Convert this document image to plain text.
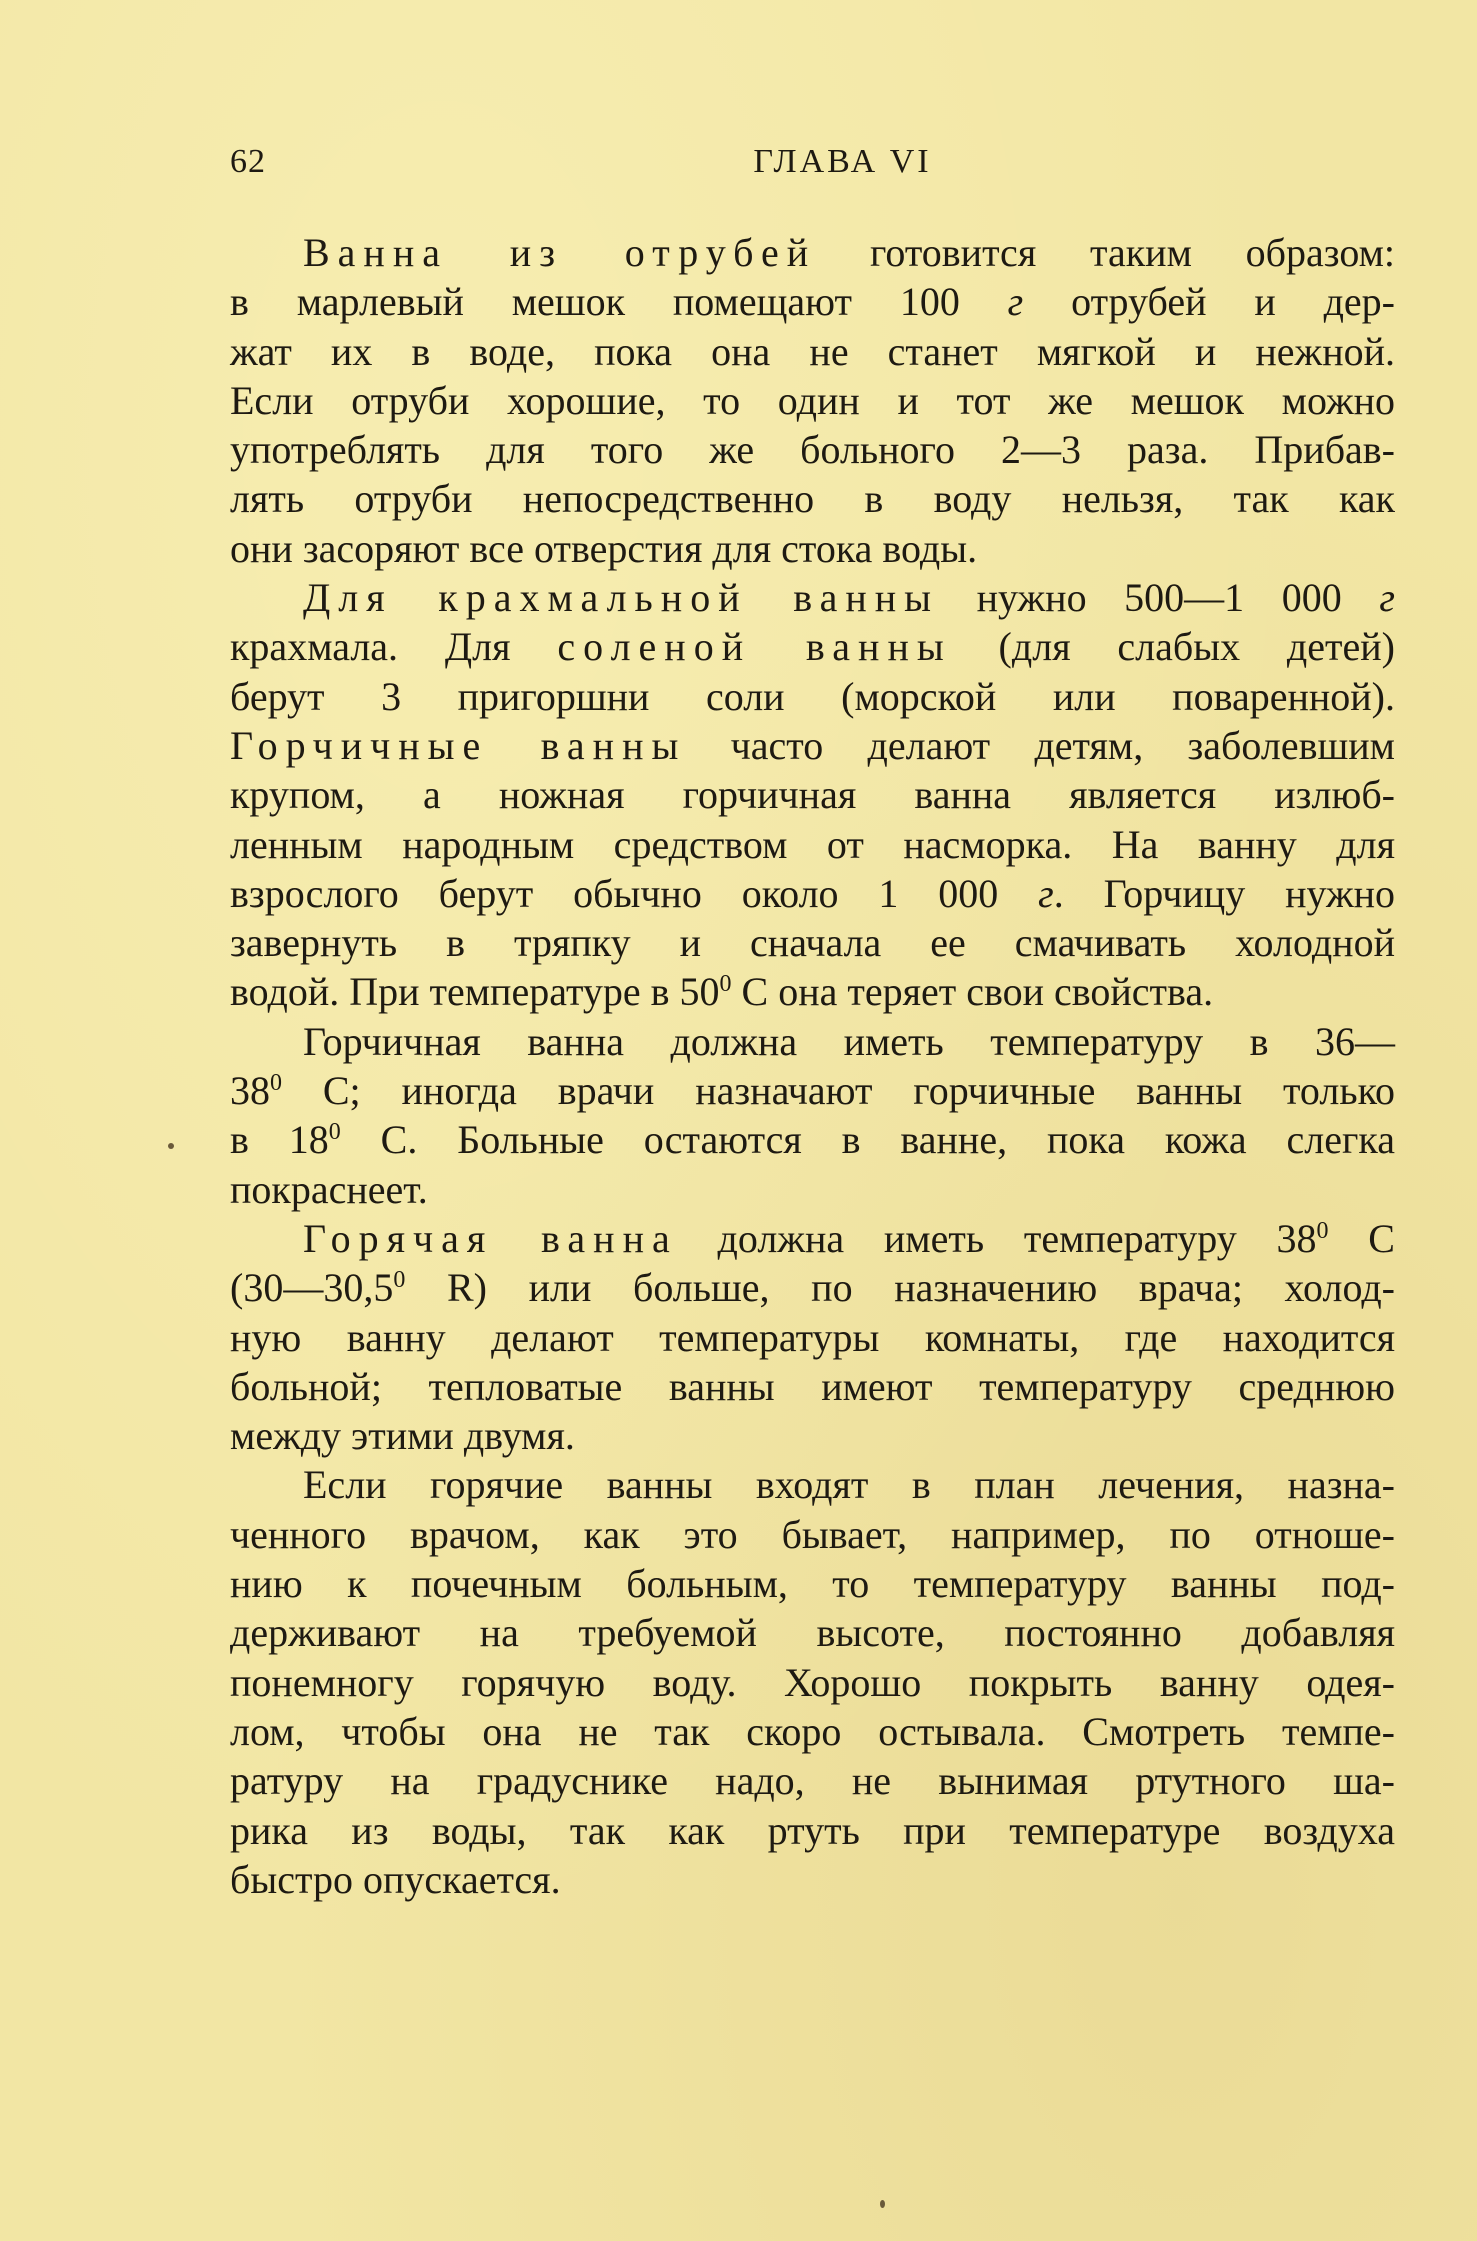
62	ГЛАВА VI
Ванна из отрубей готовится таким образом:
в марлевый мешок помещают 100 г отрубей и дер-
жат их в воде, пока она не станет мягкой и нежной.
Если отруби хорошие, то один и тот же мешок можно
употреблять для того же больного 2—3 раза. Прибав-
лять отруби непосредственно в воду нельзя, так как
они засоряют все отверстия для стока воды.
Для крахмальной ванны нужно 500—1 000 г
крахмала. Для соленой ванны (для слабых детей)
берут 3 пригоршни соли (морской или поваренной).
Горчичные ванны часто делают детям, заболевшим
крупом, а ножная горчичная ванна является излюб-
ленным народным средством от насморка. На ванну для
взрослого берут обычно около 1 000 г. Горчицу нужно
завернуть в тряпку и сначала ее смачивать холодной
водой. При температуре в $50^0$ С она теряет свои свойства.
Горчичная ванна должна иметь температуру в 36—
$38^0$ С; иногда врачи назначают горчичные ванны только
в $18^0$ С. Больные остаются в ванне, пока кожа слегка
покраснеет.
Горячая ванна должна иметь температуру $38^0$ С
(30—30,5$^0$ R) или больше, по назначению врача; холод-
ную ванну делают температуры комнаты, где находится
больной; тепловатые ванны имеют температуру среднюю
между этими двумя.
Если горячие ванны входят в план лечения, назна-
ченного врачом, как это бывает, например, по отноше-
нию к почечным больным, то температуру ванны под-
держивают на требуемой высоте, постоянно добавляя
понемногу горячую воду. Хорошо покрыть ванну одея-
лом, чтобы она не так скоро остывала. Смотреть темпе-
ратуру на градуснике надо, не вынимая ртутного ша-
рика из воды, так как ртуть при температуре воздуха
быстро опускается.
